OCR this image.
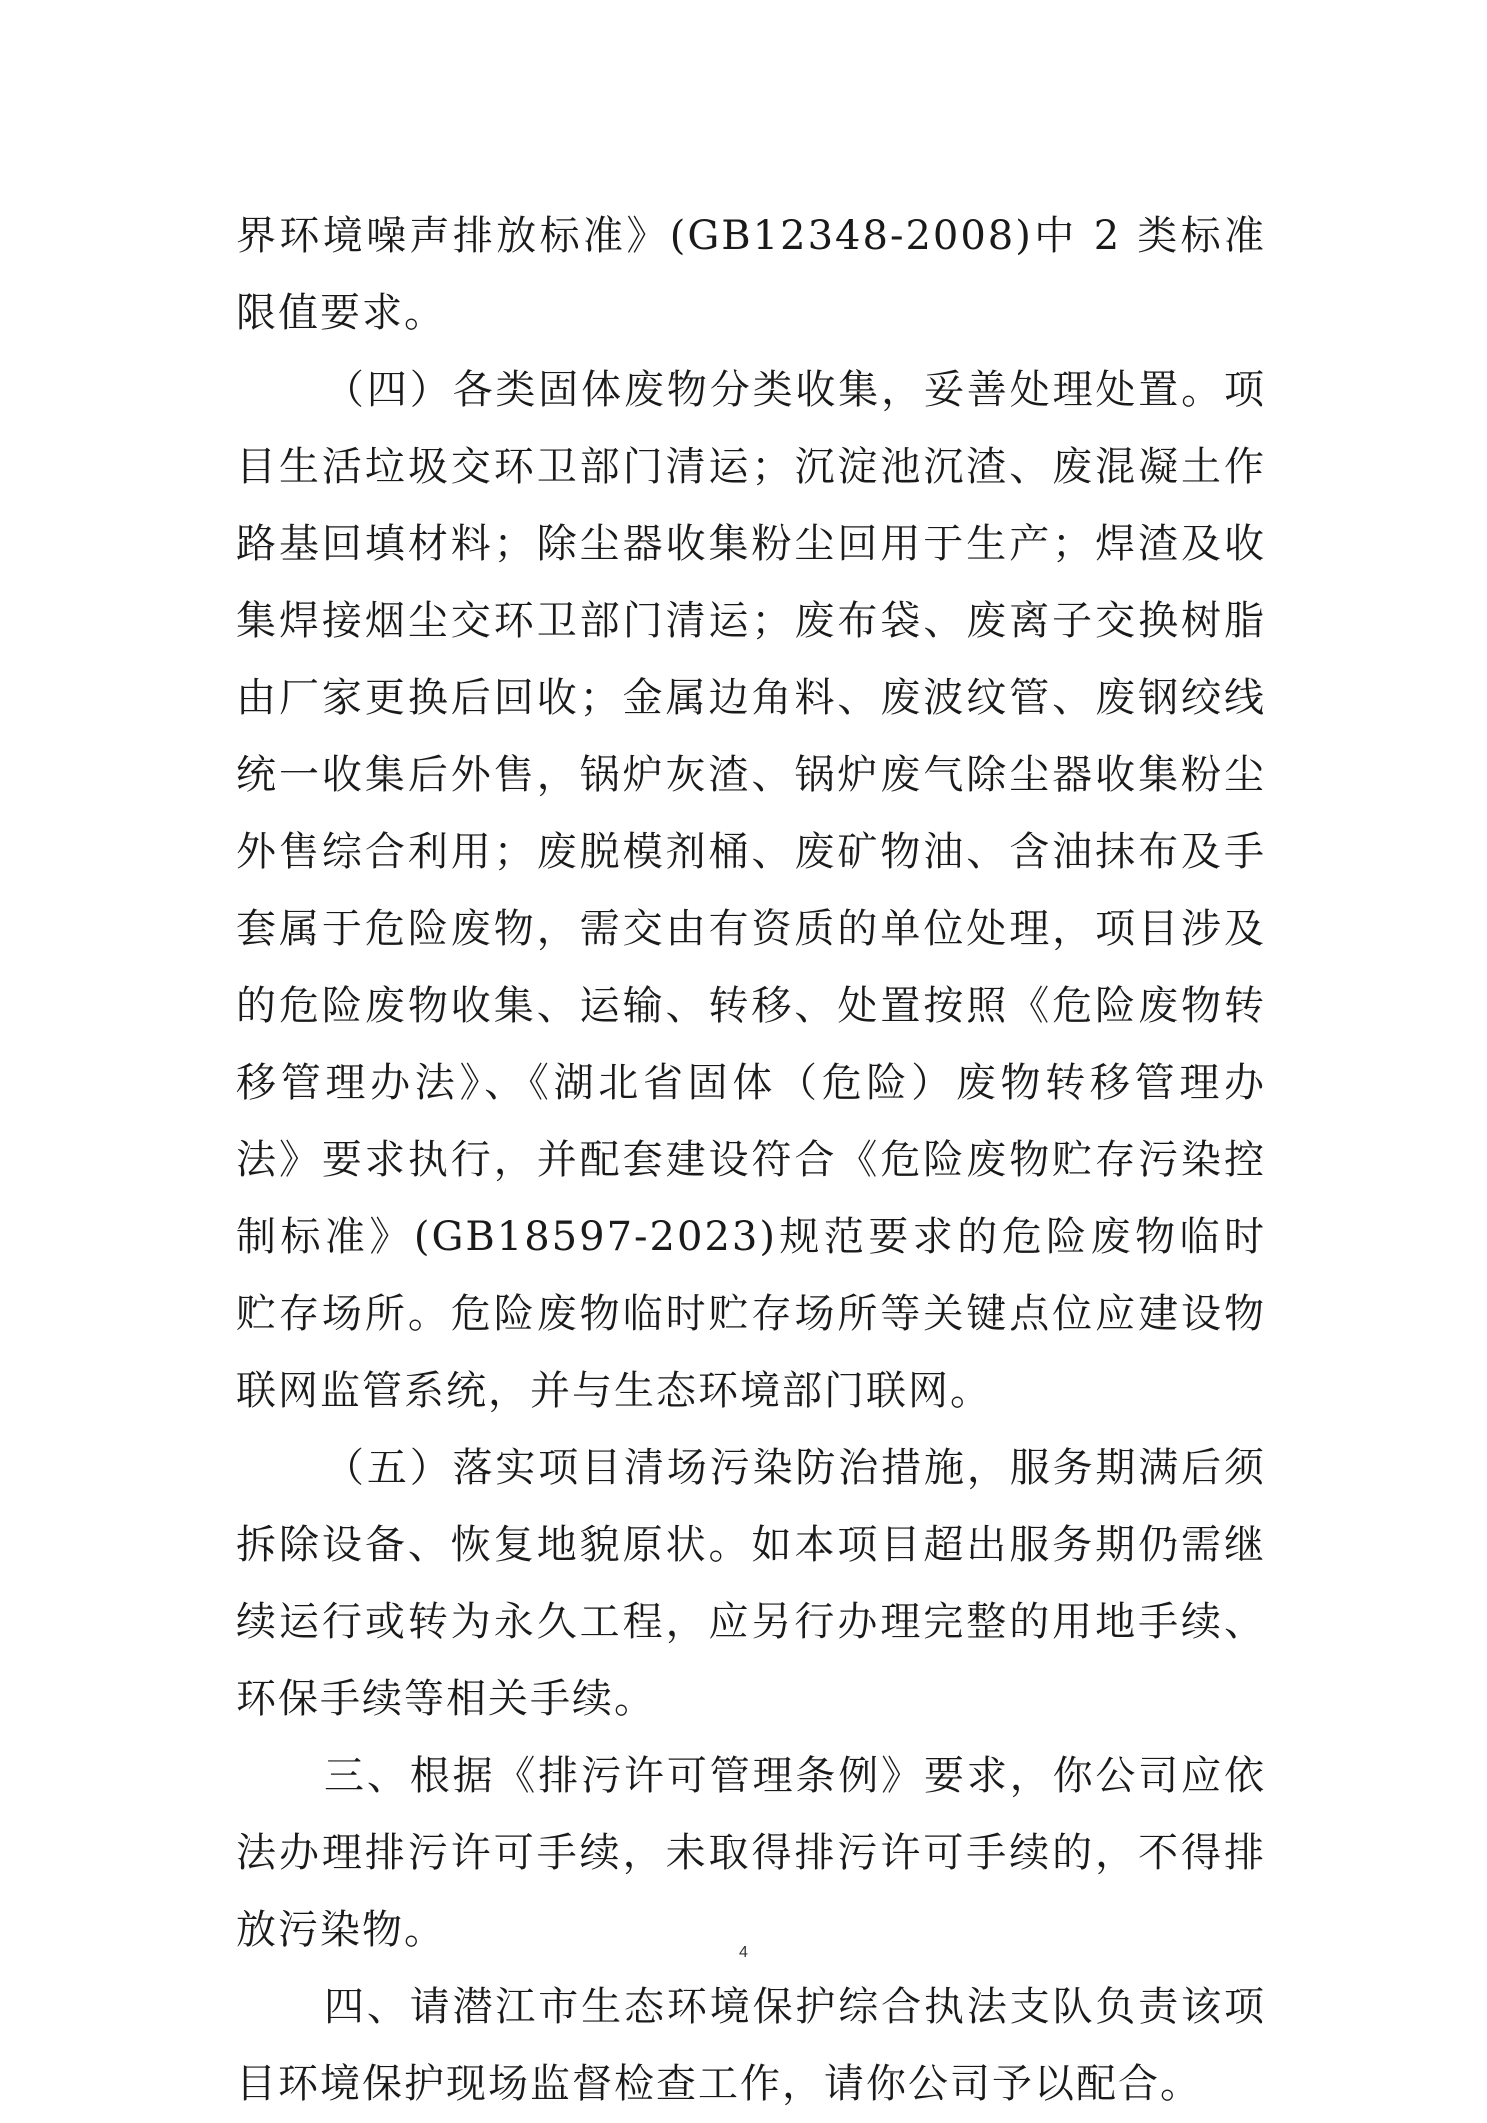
界环境噪声排放标准》(GB12348-2008)中 2 类标准限值要求。

（四）各类固体废物分类收集，妥善处理处置。项目生活垃圾交环卫部门清运；沉淀池沉渣、废混凝土作路基回填材料；除尘器收集粉尘回用于生产；焊渣及收集焊接烟尘交环卫部门清运；废布袋、废离子交换树脂由厂家更换后回收；金属边角料、废波纹管、废钢绞线统一收集后外售，锅炉灰渣、锅炉废气除尘器收集粉尘外售综合利用；废脱模剂桶、废矿物油、含油抹布及手套属于危险废物，需交由有资质的单位处理，项目涉及的危险废物收集、运输、转移、处置按照《危险废物转移管理办法》、《湖北省固体（危险）废物转移管理办法》要求执行，并配套建设符合《危险废物贮存污染控制标准》(GB18597-2023)规范要求的危险废物临时贮存场所。危险废物临时贮存场所等关键点位应建设物联网监管系统，并与生态环境部门联网。

（五）落实项目清场污染防治措施，服务期满后须拆除设备、恢复地貌原状。如本项目超出服务期仍需继续运行或转为永久工程，应另行办理完整的用地手续、环保手续等相关手续。

三、根据《排污许可管理条例》要求，你公司应依法办理排污许可手续，未取得排污许可手续的，不得排放污染物。

四、请潜江市生态环境保护综合执法支队负责该项目环境保护现场监督检查工作，请你公司予以配合。

4
